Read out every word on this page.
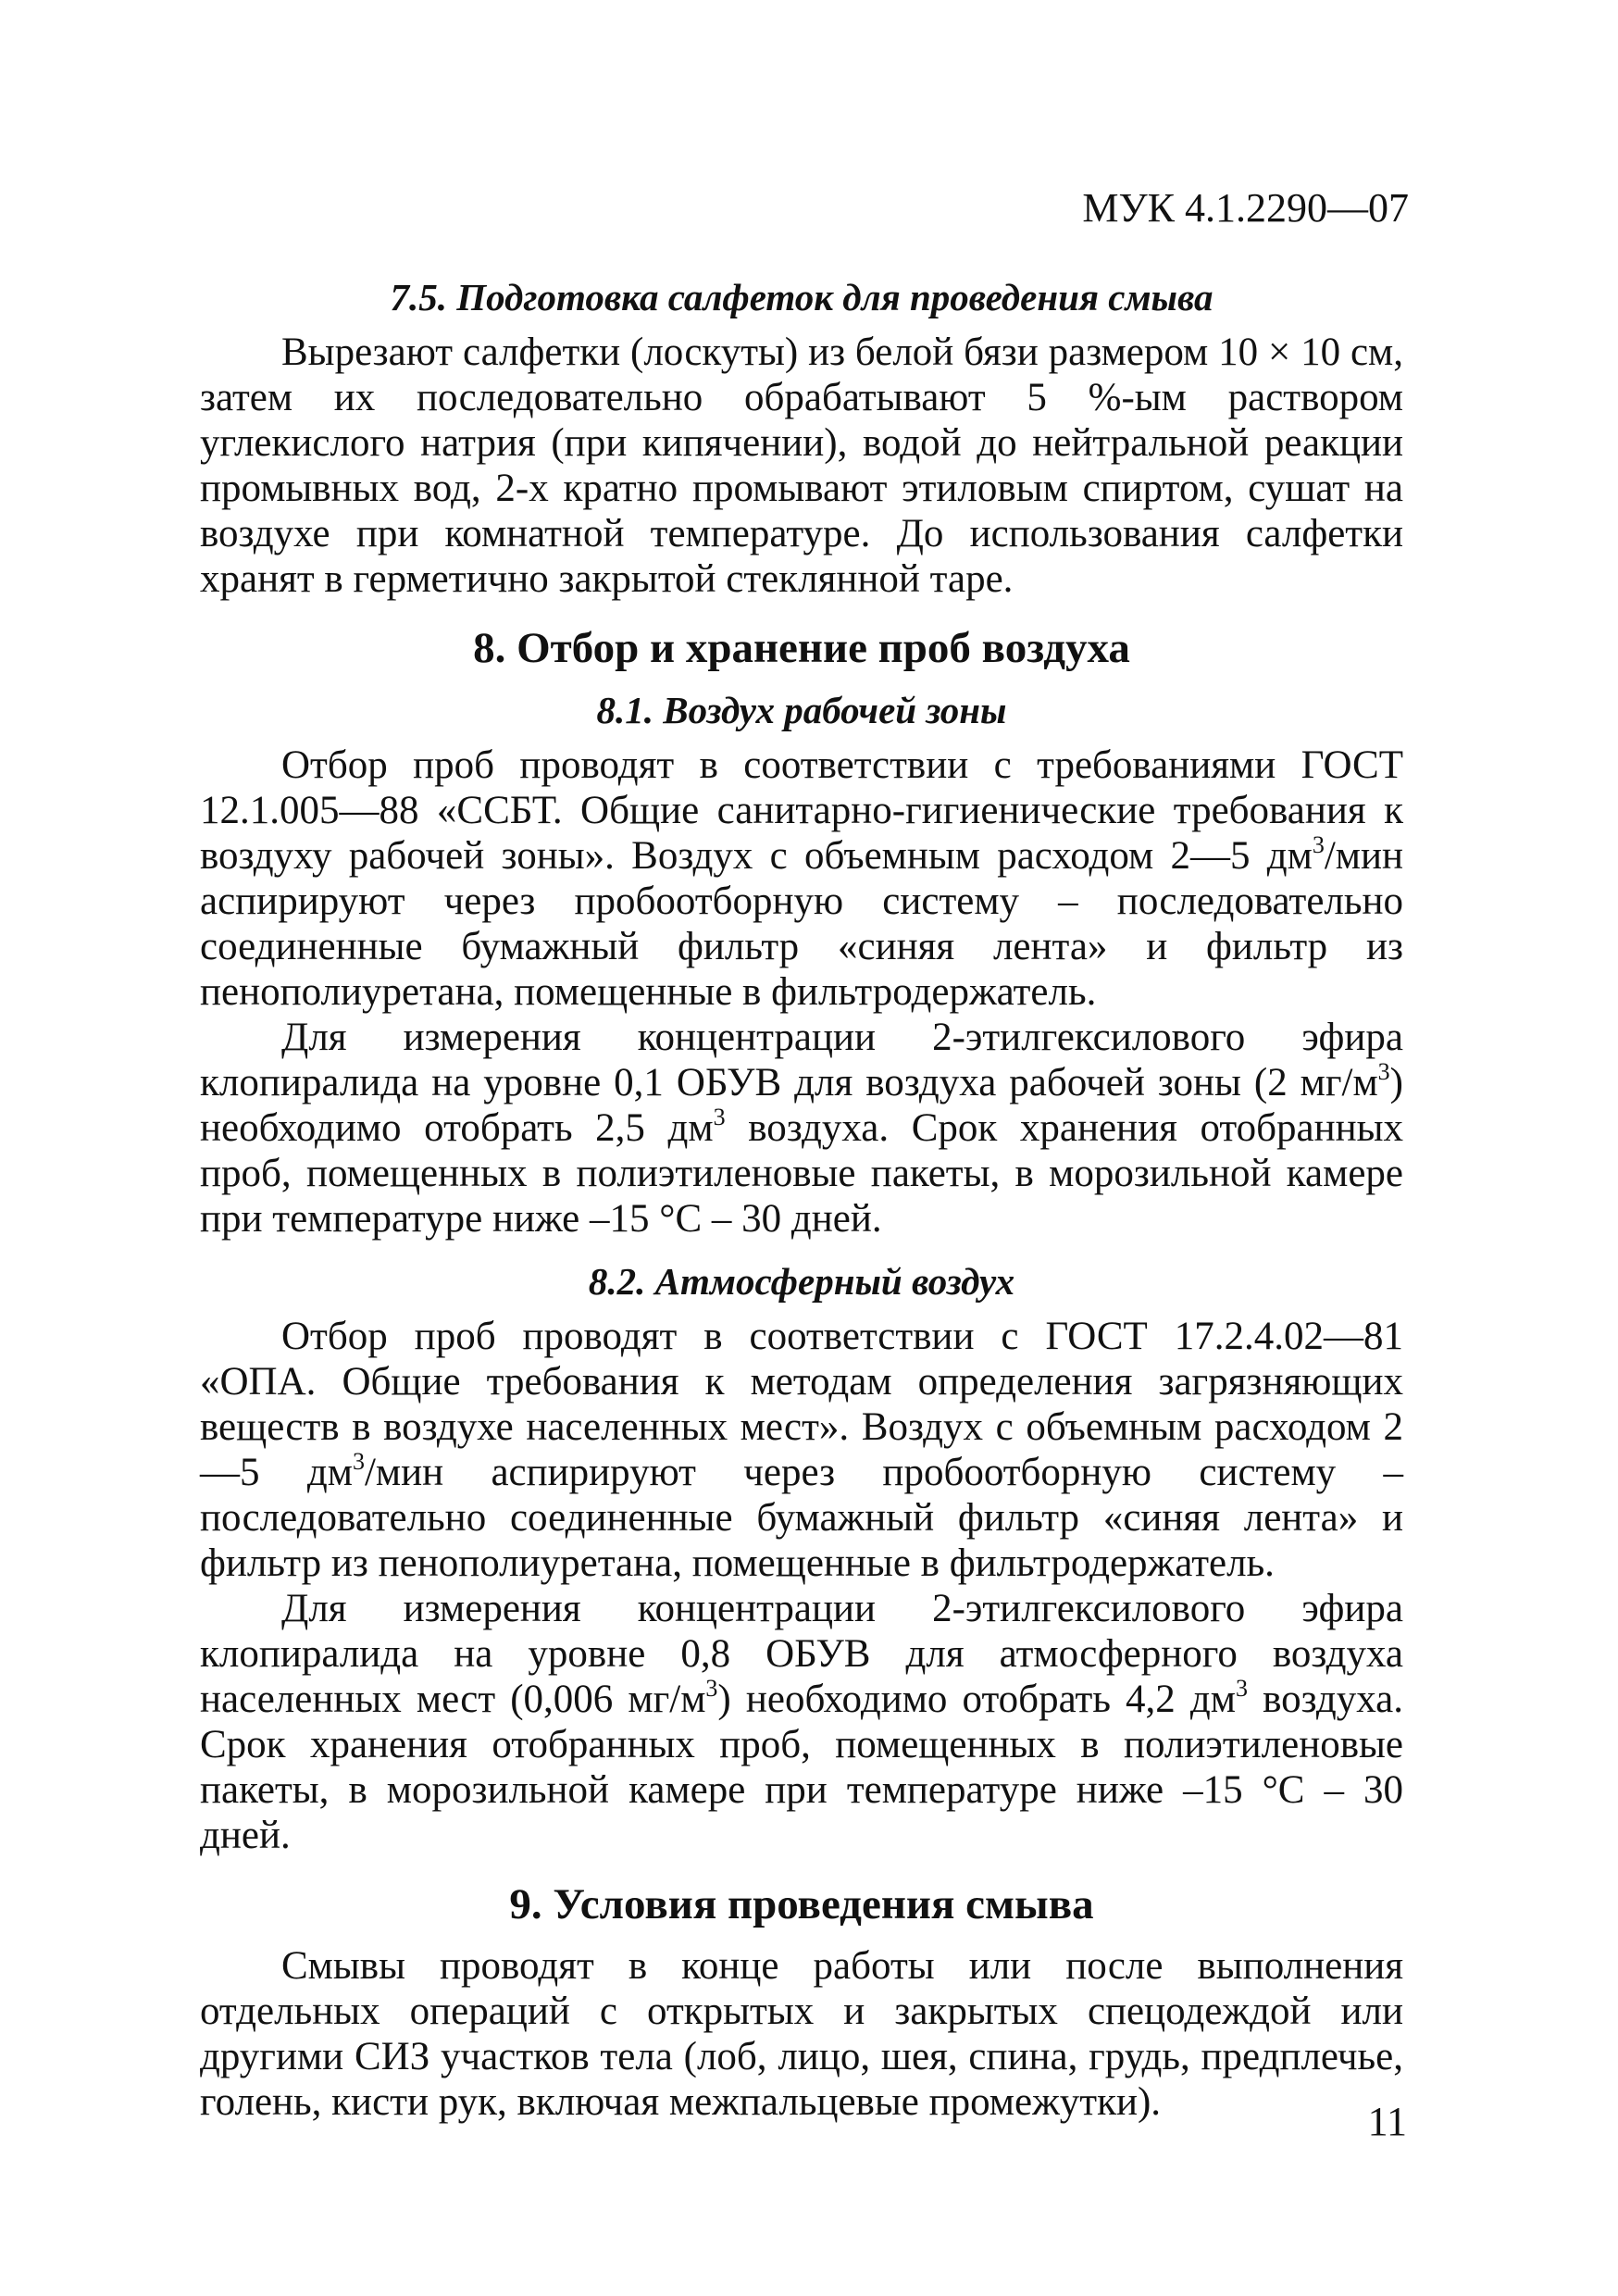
МУК 4.1.2290—07
7.5. Подготовка салфеток для проведения смыва

Вырезают салфетки (лоскуты) из белой бязи размером 10 × 10 см, затем их последовательно обрабатывают 5 %-ым раствором углекислого натрия (при кипячении), водой до нейтральной реакции промывных вод, 2-х кратно промывают этиловым спиртом, сушат на воздухе при комнатной температуре. До использования салфетки хранят в герметично закрытой стеклянной таре.

8. Отбор и хранение проб воздуха
8.1. Воздух рабочей зоны

Отбор проб проводят в соответствии с требованиями ГОСТ 12.1.005—88 «ССБТ. Общие санитарно-гигиенические требования к воздуху рабочей зоны». Воздух с объемным расходом 2—5 $дм^3$/мин аспирируют через пробоотборную систему – последовательно соединенные бумажный фильтр «синяя лента» и фильтр из пенополиуретана, помещенные в фильтродержатель.

Для измерения концентрации 2-этилгексилового эфира клопиралида на уровне 0,1 ОБУВ для воздуха рабочей зоны (2 $мг/м^3$) необходимо отобрать 2,5 $дм^3$ воздуха. Срок хранения отобранных проб, помещенных в полиэтиленовые пакеты, в морозильной камере при температуре ниже –15 °С – 30 дней.

8.2. Атмосферный воздух

Отбор проб проводят в соответствии с ГОСТ 17.2.4.02—81 «ОПА. Общие требования к методам определения загрязняющих веществ в воздухе населенных мест». Воздух с объемным расходом 2—5 $дм^3$/мин аспирируют через пробоотборную систему – последовательно соединенные бумажный фильтр «синяя лента» и фильтр из пенополиуретана, помещенные в фильтродержатель.

Для измерения концентрации 2-этилгексилового эфира клопиралида на уровне 0,8 ОБУВ для атмосферного воздуха населенных мест (0,006 $мг/м^3$) необходимо отобрать 4,2 $дм^3$ воздуха. Срок хранения отобранных проб, помещенных в полиэтиленовые пакеты, в морозильной камере при температуре ниже –15 °С – 30 дней.

9. Условия проведения смыва

Смывы проводят в конце работы или после выполнения отдельных операций с открытых и закрытых спецодеждой или другими СИЗ участков тела (лоб, лицо, шея, спина, грудь, предплечье, голень, кисти рук, включая межпальцевые промежутки).	11
